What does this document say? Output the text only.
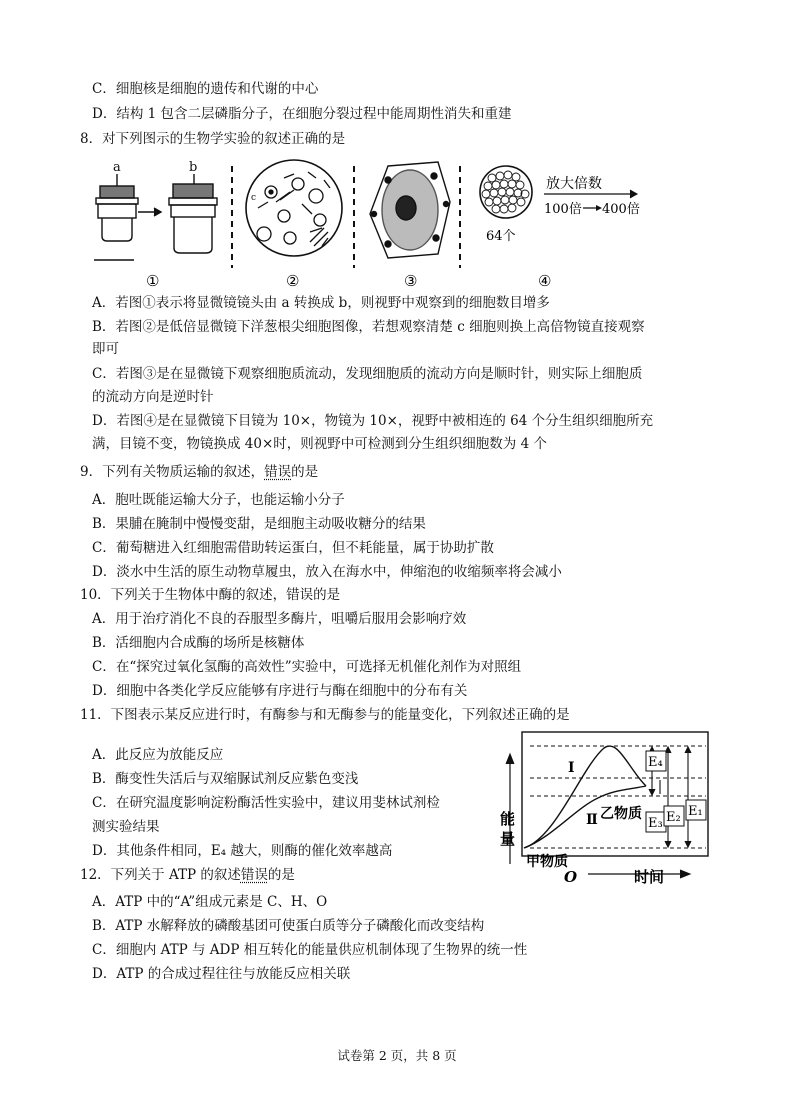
C．细胞核是细胞的遗传和代谢的中心
D．结构 1 包含二层磷脂分子，在细胞分裂过程中能周期性消失和重建
8．对下列图示的生物学实验的叙述正确的是
a	b
①
c
②	③
64个
放大倍数
100倍 400倍
④
A．若图①表示将显微镜镜头由 a 转换成 b，则视野中观察到的细胞数目增多
B．若图②是低倍显微镜下洋葱根尖细胞图像，若想观察清楚 c 细胞则换上高倍物镜直接观察
即可
C．若图③是在显微镜下观察细胞质流动，发现细胞质的流动方向是顺时针，则实际上细胞质
的流动方向是逆时针
D．若图④是在显微镜下目镜为 10×，物镜为 10×，视野中被相连的 64 个分生组织细胞所充
满，目镜不变，物镜换成 40×时，则视野中可检测到分生组织细胞数为 4 个
9．下列有关物质运输的叙述，错误的是
A．胞吐既能运输大分子，也能运输小分子
B．果脯在腌制中慢慢变甜，是细胞主动吸收糖分的结果
C．葡萄糖进入红细胞需借助转运蛋白，但不耗能量，属于协助扩散
D．淡水中生活的原生动物草履虫，放入在海水中，伸缩泡的收缩频率将会减小
10．下列关于生物体中酶的叙述，错误的是
A．用于治疗消化不良的吞服型多酶片，咀嚼后服用会影响疗效
B．活细胞内合成酶的场所是核糖体
C．在“探究过氧化氢酶的高效性”实验中，可选择无机催化剂作为对照组
D．细胞中各类化学反应能够有序进行与酶在细胞中的分布有关
11．下图表示某反应进行时，有酶参与和无酶参与的能量变化，下列叙述正确的是
A．此反应为放能反应
B．酶变性失活后与双缩脲试剂反应紫色变浅
C．在研究温度影响淀粉酶活性实验中，建议用斐林试剂检
测实验结果
D．其他条件相同，E₄ 越大，则酶的催化效率越高
能
量
O	时间
Ⅰ
Ⅱ 乙物质
甲物质
E₄
E₃ E₂ E₁
12．下列关于 ATP 的叙述错误的是
A．ATP 中的“A”组成元素是 C、H、O
B．ATP 水解释放的磷酸基团可使蛋白质等分子磷酸化而改变结构
C．细胞内 ATP 与 ADP 相互转化的能量供应机制体现了生物界的统一性
D．ATP 的合成过程往往与放能反应相关联
试卷第 2 页，共 8 页
